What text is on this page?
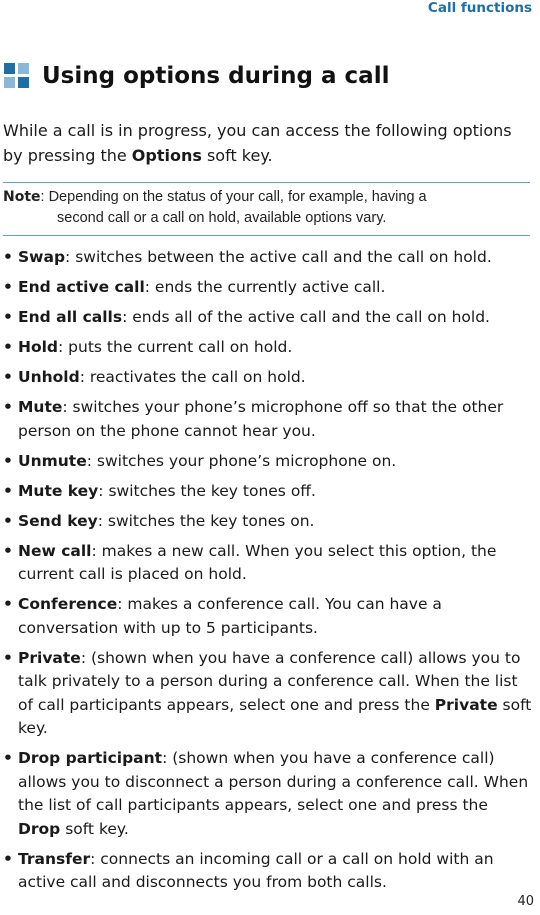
Call functions
Using options during a call

While a call is in progress, you can access the following options by pressing the Options soft key.

Note: Depending on the status of your call, for example, having a
second call or a call on hold, available options vary.
• Swap: switches between the active call and the call on hold.
• End active call: ends the currently active call.
• End all calls: ends all of the active call and the call on hold.
• Hold: puts the current call on hold.
• Unhold: reactivates the call on hold.
• Mute: switches your phone’s microphone off so that the other person on the phone cannot hear you.
• Unmute: switches your phone’s microphone on.
• Mute key: switches the key tones off.
• Send key: switches the key tones on.
• New call: makes a new call. When you select this option, the current call is placed on hold.
• Conference: makes a conference call. You can have a conversation with up to 5 participants.
• Private: (shown when you have a conference call) allows you to talk privately to a person during a conference call. When the list of call participants appears, select one and press the Private soft key.
• Drop participant: (shown when you have a conference call) allows you to disconnect a person during a conference call. When the list of call participants appears, select one and press the Drop soft key.
• Transfer: connects an incoming call or a call on hold with an active call and disconnects you from both calls.
40
